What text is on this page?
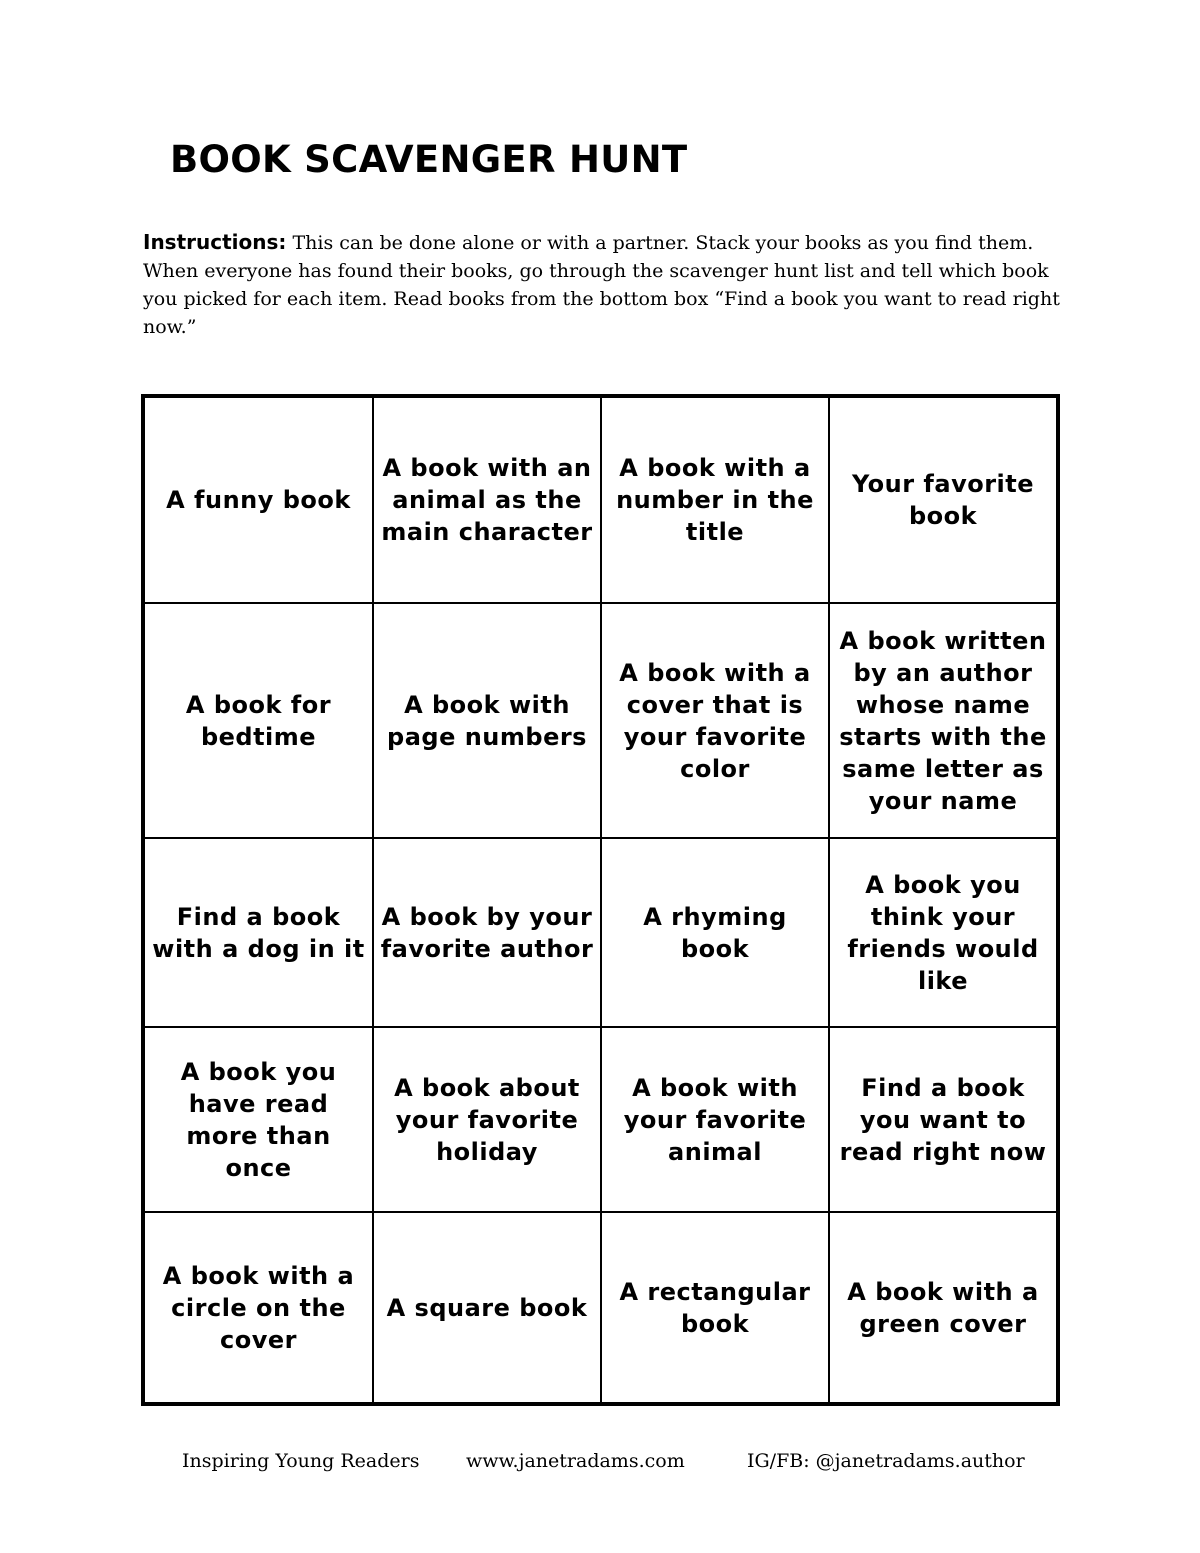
BOOK SCAVENGER HUNT

Instructions: This can be done alone or with a partner. Stack your books as you find them. When everyone has found their books, go through the scavenger hunt list and tell which book you picked for each item. Read books from the bottom box “Find a book you want to read right now.”

A funny book
A book with an animal as the main character
A book with a number in the title
Your favorite book
A book for bedtime
A book with page numbers
A book with a cover that is your favorite color
A book written by an author whose name starts with the same letter as your name
Find a book with a dog in it
A book by your favorite author
A rhyming book
A book you think your friends would like
A book you have read more than once
A book about your favorite holiday
A book with your favorite animal
Find a book you want to read right now
A book with a circle on the cover
A square book
A rectangular book
A book with a green cover
Inspiring Young Readers www.janetradams.com	IG/FB: @janetradams.author
